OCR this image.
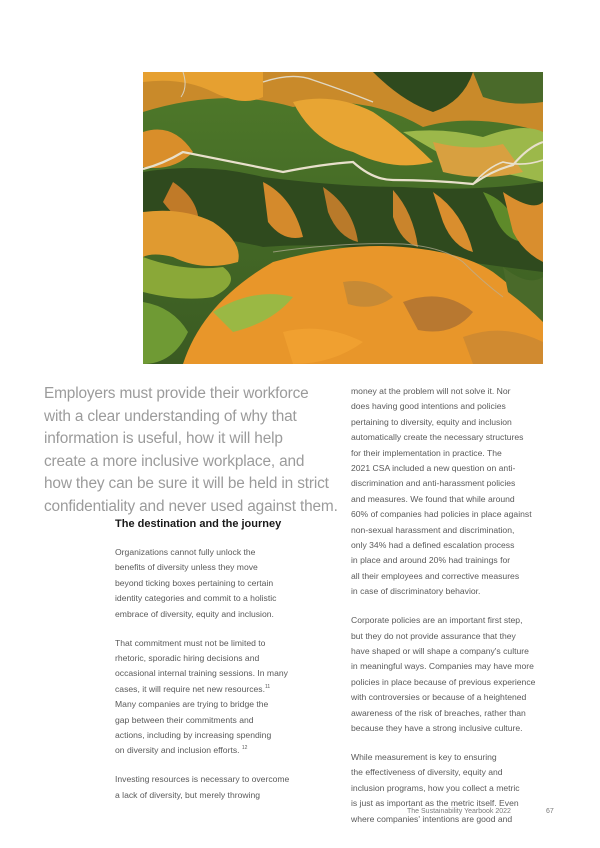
Employers must provide their workforce
with a clear understanding of why that
information is useful, how it will help
create a more inclusive workplace, and
how they can be sure it will be held in strict
confidentiality and never used against them.
The destination and the journey

Organizations cannot fully unlock the
benefits of diversity unless they move
beyond ticking boxes pertaining to certain
identity categories and commit to a holistic
embrace of diversity, equity and inclusion.

That commitment must not be limited to
rhetoric, sporadic hiring decisions and
occasional internal training sessions. In many
cases, it will require net new resources.$^{11}$
Many companies are trying to bridge the
gap between their commitments and
actions, including by increasing spending
on diversity and inclusion efforts. $^{12}$

Investing resources is necessary to overcome
a lack of diversity, but merely throwing

money at the problem will not solve it. Nor
does having good intentions and policies
pertaining to diversity, equity and inclusion
automatically create the necessary structures
for their implementation in practice. The
2021 CSA included a new question on anti-
discrimination and anti-harassment policies
and measures. We found that while around
60% of companies had policies in place against
non-sexual harassment and discrimination,
only 34% had a defined escalation process
in place and around 20% had trainings for
all their employees and corrective measures
in case of discriminatory behavior.

Corporate policies are an important first step,
but they do not provide assurance that they
have shaped or will shape a company's culture
in meaningful ways. Companies may have more
policies in place because of previous experience
with controversies or because of a heightened
awareness of the risk of breaches, rather than
because they have a strong inclusive culture.

While measurement is key to ensuring
the effectiveness of diversity, equity and
inclusion programs, how you collect a metric
is just as important as the metric itself. Even
where companies' intentions are good and

The Sustainability Yearbook 2022	67
